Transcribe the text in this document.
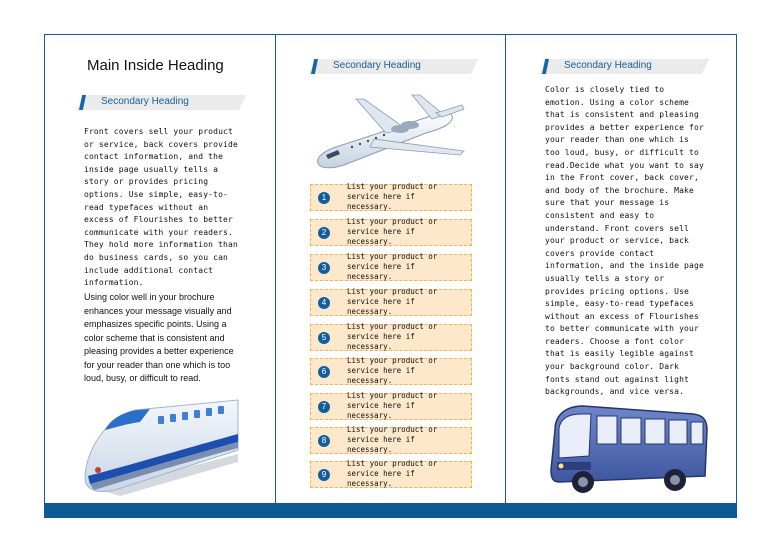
Main Inside Heading
Secondary Heading
Front covers sell your product
or service, back covers provide
contact information, and the
inside page usually tells a
story or provides pricing
options. Use simple, easy-to-
read typefaces without an
excess of Flourishes to better
communicate with your readers.
They hold more information than
do business cards, so you can
include additional contact
information.
Using color well in your brochure
enhances your message visually and
emphasizes specific points. Using a
color scheme that is consistent and
pleasing provides a better experience
for your reader than one which is too
loud, busy, or difficult to read.
Secondary Heading
1
List your product or
service here if
necessary.
2
List your product or
service here if
necessary.
3
List your product or
service here if
necessary.
4
List your product or
service here if
necessary.
5
List your product or
service here if
necessary.
6
List your product or
service here if
necessary.
7
List your product or
service here if
necessary.
8
List your product or
service here if
necessary.
9
List your product or
service here if
necessary.
Secondary Heading
Color is closely tied to
emotion. Using a color scheme
that is consistent and pleasing
provides a better experience for
your reader than one which is
too loud, busy, or difficult to
read.Decide what you want to say
in the Front cover, back cover,
and body of the brochure. Make
sure that your message is
consistent and easy to
understand. Front covers sell
your product or service, back
covers provide contact
information, and the inside page
usually tells a story or
provides pricing options. Use
simple, easy-to-read typefaces
without an excess of Flourishes
to better communicate with your
readers. Choose a font color
that is easily legible against
your background color. Dark
fonts stand out against light
backgrounds, and vice versa.
